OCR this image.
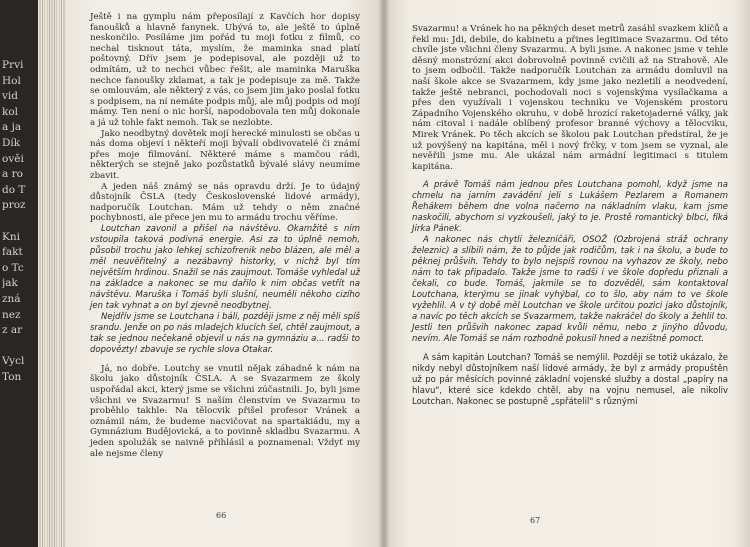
Prvi
Hol
vid
kol
a ja
Dík
ověi
a ro
do T
proz
Kni
fakt
o Tc
jak
zná
nez
z ar
Vycl
Ton

Ještě i na gymplu nám přeposílají z Kavčích hor dopisy fanoušků a hlavně fanynek. Ubývá to, ale ještě to úplně neskončilo. Posíláme jim pořád tu moji fotku z filmů, co nechal tisknout táta, myslím, že maminka snad platí poštovný. Dřív jsem je podepisoval, ale později už to odmítám, už to nechci vůbec řešit, ale maminka Maruška nechce fanoušky zklamat, a tak je podepisuje za mě. Takže se omlouvám, ale některý z vás, co jsem jim jako poslal fotku s podpisem, na ní nemáte podpis můj, ale můj podpis od mojí mámy. Ten není o nic horší, napodobovala ten můj dokonale a já už tohle fakt nemoh. Tak se nezlobte.

Jako neodbytný dovětek mojí herecké minulosti se občas u nás doma objeví i někteří moji bývalí obdivovatelé či známí přes moje filmování. Některé máme s mamčou rádi, některých se stejně jako pozůstatků bývalé slávy neumíme zbavit.

A jeden náš známý se nás opravdu drží. Je to údajný důstojník ČSLA (tedy Československé lidové armády), nadporučík Loutchan. Mám už tehdy o něm značné pochybnosti, ale přece jen mu to armádu trochu věříme.

Loutchan zavonil a přišel na návštěvu. Okamžitě s ním vstoupila taková podivná energie. Asi za to úplně nemoh, působil trochu jako lehkej schizofrenik nebo blázen, ale měl a měl neuvěřitelný a nezábavný historky, v nichž byl tím největším hrdinou. Snažil se nás zaujmout. Tomáše vyhledal už na základce a nakonec se mu dařilo k nim občas vetřít na návštěvu. Maruška i Tomáš byli slušní, neuměli někoho cizího jen tak vyhnat a on byl zjevně neodbytnej.

Nejdřív jsme se Loutchana i báli, později jsme z něj měli spíš srandu. Jenže on po nás mladejch klucích šel, chtěl zaujmout, a tak se jednou nečekaně objevil u nás na gymnáziu a... radši to dopovězty! zbavuje se rychle slova Otakar.

Já, no dobře. Loutchy se vnutil nějak záhadně k nám na školu jako důstojník ČSLA. A se Svazarmem ze školy uspořádal akci, který jsme se všichni zúčastnili. Jo, byli jsme všichni ve Svazarmu! S naším členstvím ve Svazarmu to proběhlo takhle: Na tělocvik přišel profesor Vránek a oznámil nám, že budeme nacvičovat na spartakiádu, my a Gymnázium Budějovická, a to povinně skladbu Svazarmu. A jeden spolužák se naivně přihlásil a poznamenal: Vždyť my ale nejsme členy

66

Svazarmu! a Vránek ho na pěkných deset metrů zasáhl svazkem klíčů a řekl mu: Jdi, debile, do kabinetu a přines legitimace Svazarmu. Od této chvíle jste všichni členy Svazarmu. A byli jsme. A nakonec jsme v tehle děsný monstrózní akci dobrovolně povinně cvičili až na Strahově. Ale to jsem odbočil. Takže nadporučík Loutchan za armádu domluvil na naší škole akce se Svazarmem, kdy jsme jako nezletilí a neodvedení, takže ještě nebranci, pochodovali noci s vojenskýma vysílačkama a přes den využívali i vojenskou techniku ve Vojenském prostoru Západního Vojenského okruhu, v době hrozící raketojaderné války, jak nám citoval i nadále oblíbený profesor branné výchovy a tělocviku, Mirek Vránek. Po těch akcích se školou pak Loutchan předstíral, že je už povýšený na kapitána, měl i nový frčky, v tom jsem se vyznal, ale nevěřili jsme mu. Ale ukázal nám armádní legitimaci s titulem kapitána.

A právě Tomáš nám jednou přes Loutchana pomohl, když jsme na chmelu na jarním zavádění jeli s Lukášem Pezlarem a Romanem Řehákem během dne volna načerno na nákladním vlaku, kam jsme naskočili, abychom si vyzkoušeli, jaký to je. Prostě romantický blbci, fíká Jirka Pánek.

A nakonec nás chytli železničáři, OSOŽ (Ozbrojená stráž ochrany železnic) a slíbili nám, že to půjde jak rodičům, tak i na školu, a bude to pěknej průšvih. Tehdy to bylo nejspíš rovnou na vyhazov ze školy, nebo nám to tak připadalo. Takže jsme to radši i ve škole dopředu přiznali a čekali, co bude. Tomáš, jakmile se to dozvěděl, sám kontaktoval Loutchana, kterýmu se jinak vyhýbal, co to šlo, aby nám to ve škole vyžehlil. A v tý době měl Loutchan ve škole určitou pozici jako důstojník, a navíc po těch akcích se Svazarmem, takže nakráčel do školy a žehlil to. Jestli ten průšvih nakonec zapad kvůli němu, nebo z jinýho důvodu, nevím. Ale Tomáš se nám rozhodně pokusil hned a nezištně pomoct.

A sám kapitán Loutchan? Tomáš se nemýlil. Později se totiž ukázalo, že nikdy nebyl důstojníkem naší lidové armády, že byl z armády propuštěn už po pár měsících povinné základní vojenské služby a dostal „papíry na hlavu", které sice kdekdo chtěl, aby na vojnu nemusel, ale nikoliv Loutchan. Nakonec se postupně „spřátelil" s různými

67
